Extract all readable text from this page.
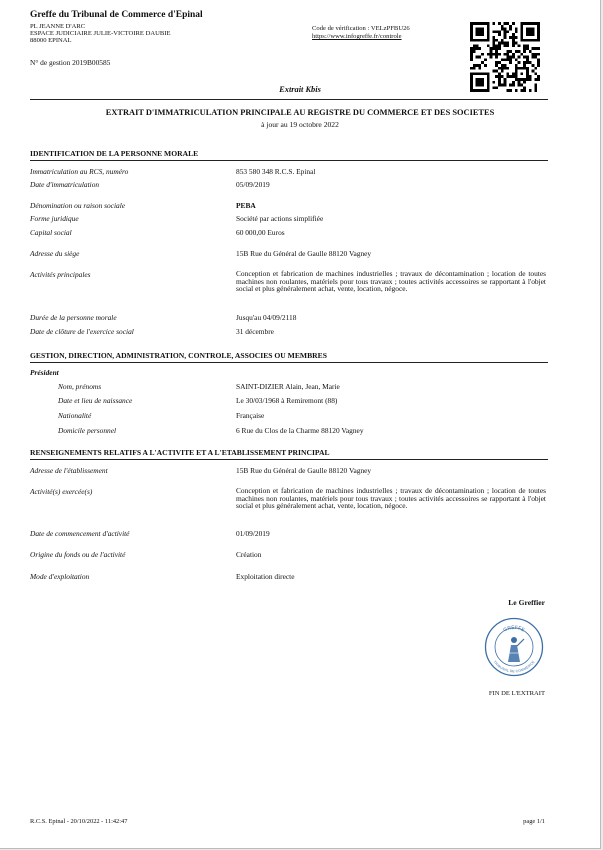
Greffe du Tribunal de Commerce d'Epinal
PL JEANNE D'ARC
ESPACE JUDICIAIRE JULIE-VICTOIRE DAUBIE
88000 EPINAL
N° de gestion 2019B00585
Code de vérification : VELzPFBU26
https://www.infogreffe.fr/controle
Extrait Kbis
EXTRAIT D'IMMATRICULATION PRINCIPALE AU REGISTRE DU COMMERCE ET DES SOCIETES
à jour au 19 octobre 2022
IDENTIFICATION DE LA PERSONNE MORALE
Immatriculation au RCS, numéro	853 580 348 R.C.S. Epinal
Date d'immatriculation	05/09/2019
Dénomination ou raison sociale	PEBA
Forme juridique	Société par actions simplifiée
Capital social	60 000,00 Euros
Adresse du siège	15B Rue du Général de Gaulle 88120 Vagney
Activités principales	Conception et fabrication de machines industrielles ; travaux de décontamination ; location de toutes machines non roulantes, matériels pour tous travaux ; toutes activités accessoires se rapportant à l'objet social et plus généralement achat, vente, location, négoce.
Durée de la personne morale	Jusqu'au 04/09/2118
Date de clôture de l'exercice social	31 décembre
GESTION, DIRECTION, ADMINISTRATION, CONTROLE, ASSOCIES OU MEMBRES
Président
Nom, prénoms	SAINT-DIZIER Alain, Jean, Marie
Date et lieu de naissance	Le 30/03/1968 à Remiremont (88)
Nationalité	Française
Domicile personnel	6 Rue du Clos de la Charme 88120 Vagney
RENSEIGNEMENTS RELATIFS A L'ACTIVITE ET A L'ETABLISSEMENT PRINCIPAL
Adresse de l'établissement	15B Rue du Général de Gaulle 88120 Vagney
Activité(s) exercée(s)	Conception et fabrication de machines industrielles ; travaux de décontamination ; location de toutes machines non roulantes, matériels pour tous travaux ; toutes activités accessoires se rapportant à l'objet social et plus généralement achat, vente, location, négoce.
Date de commencement d'activité	01/09/2019
Origine du fonds ou de l'activité	Création
Mode d'exploitation	Exploitation directe
Le Greffier
GREFFE
TRIBUNAL DE COMMERCE
FIN DE L'EXTRAIT
R.C.S. Epinal - 20/10/2022 - 11:42:47	page 1/1
